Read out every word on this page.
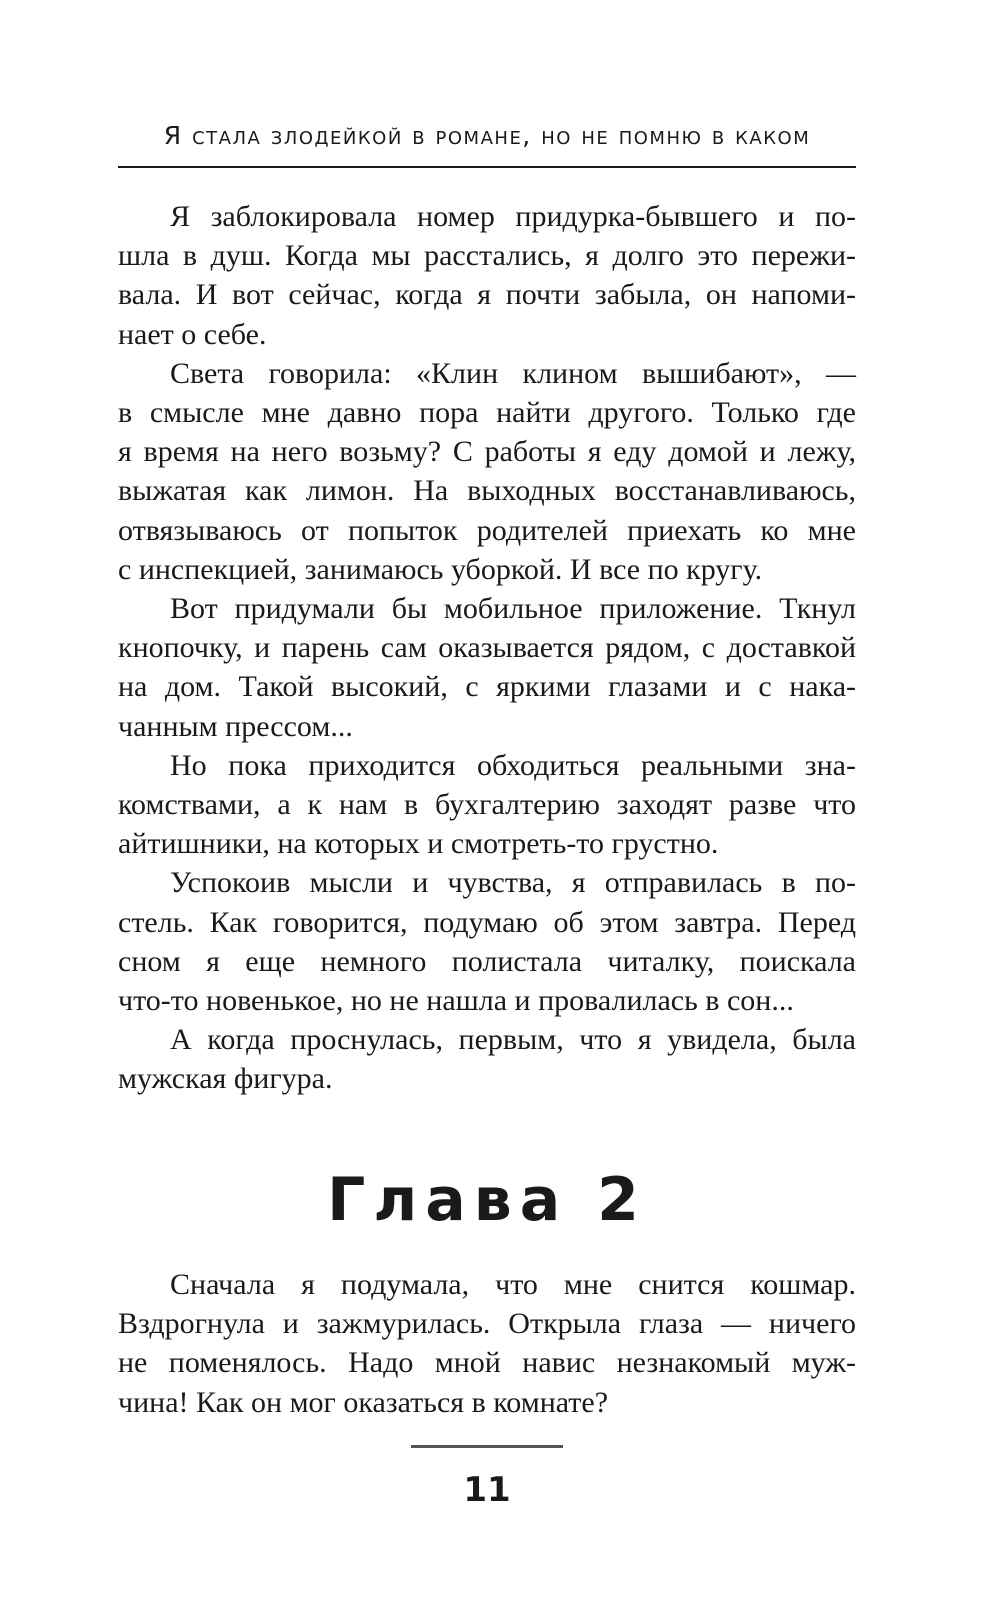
Я стала злодейкой в романе, но не помню в каком

Я заблокировала номер придурка-бывшего и по-
шла в душ. Когда мы расстались, я долго это пережи-
вала. И вот сейчас, когда я почти забыла, он напоми-
нает о себе.

Света говорила: «Клин клином вышибают», —
в смысле мне давно пора найти другого. Только где
я время на него возьму? С работы я еду домой и лежу,
выжатая как лимон. На выходных восстанавливаюсь,
отвязываюсь от попыток родителей приехать ко мне
с инспекцией, занимаюсь уборкой. И все по кругу.

Вот придумали бы мобильное приложение. Ткнул
кнопочку, и парень сам оказывается рядом, с доставкой
на дом. Такой высокий, с яркими глазами и с нака-
чанным прессом...

Но пока приходится обходиться реальными зна-
комствами, а к нам в бухгалтерию заходят разве что
айтишники, на которых и смотреть-то грустно.

Успокоив мысли и чувства, я отправилась в по-
стель. Как говорится, подумаю об этом завтра. Перед
сном я еще немного полистала читалку, поискала
что-то новенькое, но не нашла и провалилась в сон...

А когда проснулась, первым, что я увидела, была
мужская фигура.

Глава 2

Сначала я подумала, что мне снится кошмар.
Вздрогнула и зажмурилась. Открыла глаза — ничего
не поменялось. Надо мной навис незнакомый муж-
чина! Как он мог оказаться в комнате?

11
